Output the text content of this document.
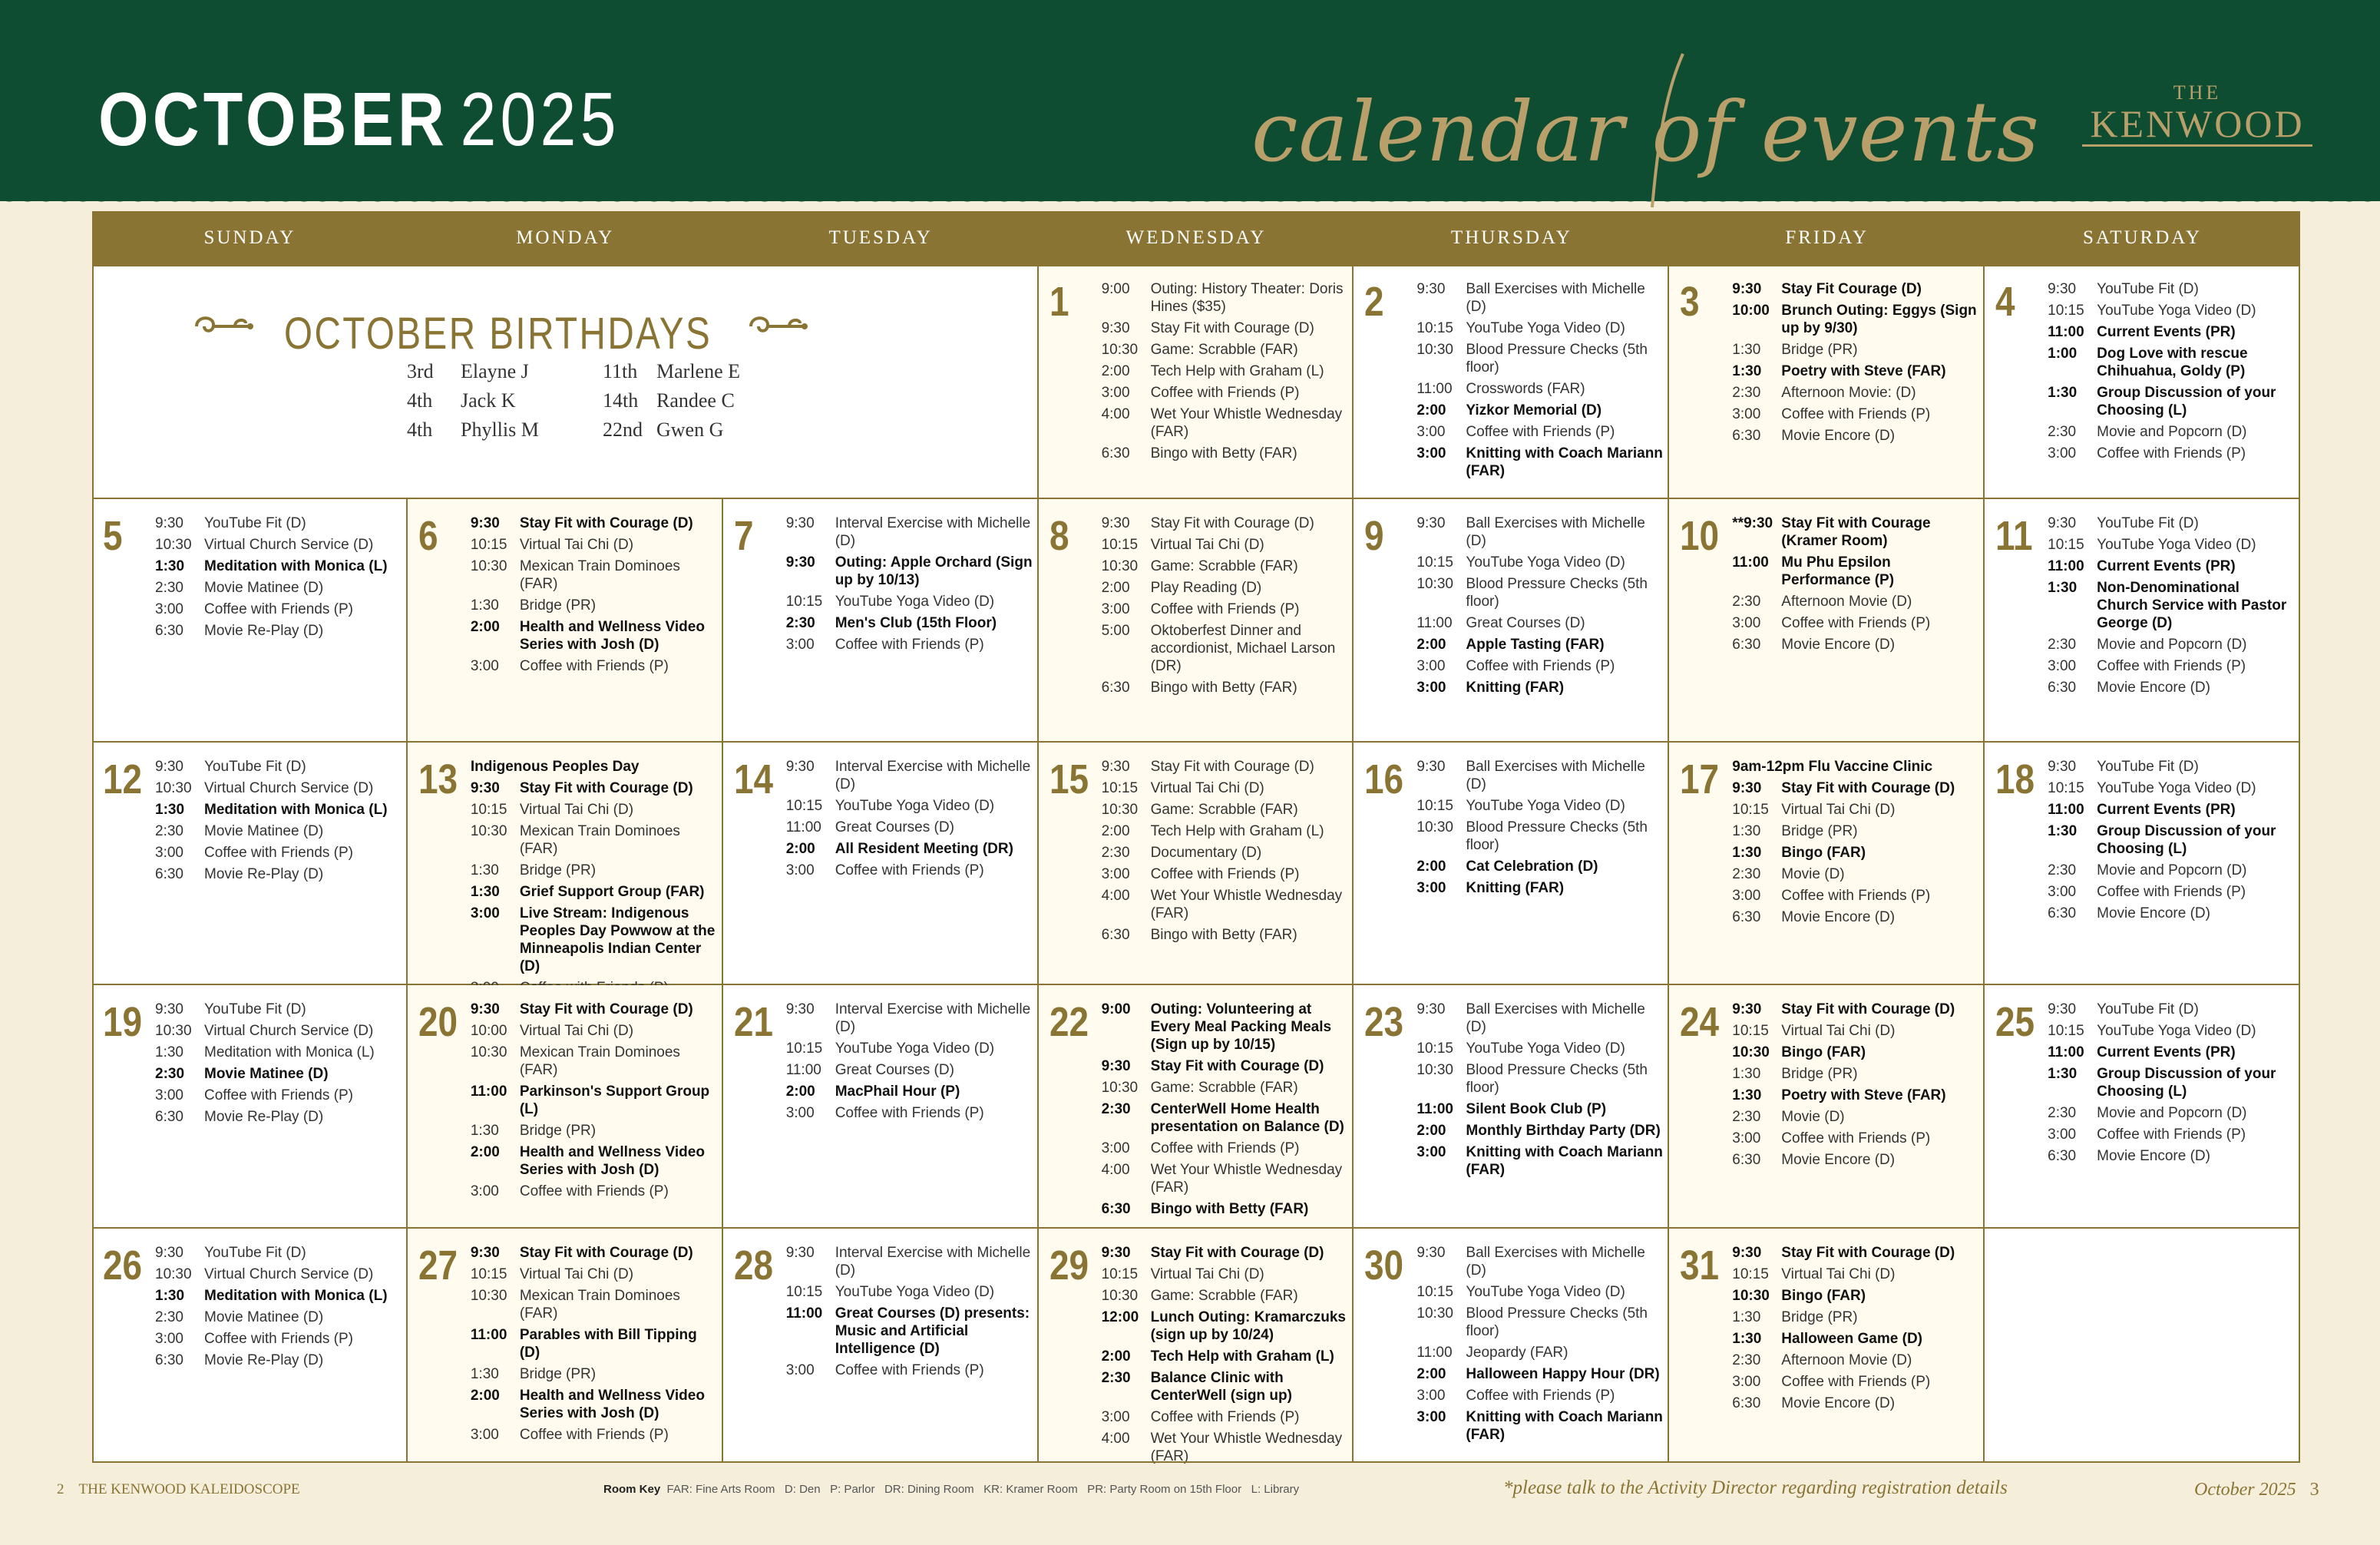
OCTOBER 2025	calendar of events	THE
KENWOOD
SUNDAY	MONDAY	TUESDAY	WEDNESDAY	THURSDAY	FRIDAY	SATURDAY
OCTOBER BIRTHDAYS
3rd Elayne J
4th Jack K
4th Phyllis M
11th Marlene E
14th Randee C
22nd Gwen G
1 9:00	Outing: History Theater: Doris Hines ($35)
9:30	Stay Fit with Courage (D)
10:30 Game: Scrabble (FAR)
2:00	Tech Help with Graham (L)
3:00	Coffee with Friends (P)
4:00	Wet Your Whistle Wednesday (FAR)
6:30	Bingo with Betty (FAR)
2 9:30	Ball Exercises with Michelle (D)
10:15 YouTube Yoga Video (D)
10:30 Blood Pressure Checks (5th floor)
11:00 Crosswords (FAR)
2:00	Yizkor Memorial (D)
3:00	Coffee with Friends (P)
3:00	Knitting with Coach Mariann (FAR)
3 9:30	Stay Fit Courage (D)
10:00 Brunch Outing: Eggys (Sign up by 9/30)
1:30	Bridge (PR)
1:30	Poetry with Steve (FAR)
2:30	Afternoon Movie: (D)
3:00	Coffee with Friends (P)
6:30	Movie Encore (D)
4 9:30	YouTube Fit (D)
10:15 YouTube Yoga Video (D)
11:00 Current Events (PR)
1:00	Dog Love with rescue Chihuahua, Goldy (P)
1:30	Group Discussion of your Choosing (L)
2:30	Movie and Popcorn (D)
3:00	Coffee with Friends (P)
5 9:30	YouTube Fit (D)
10:30 Virtual Church Service (D)
1:30	Meditation with Monica (L)
2:30	Movie Matinee (D)
3:00	Coffee with Friends (P)
6:30	Movie Re-Play (D)
6 9:30	Stay Fit with Courage (D)
10:15 Virtual Tai Chi (D)
10:30 Mexican Train Dominoes (FAR)
1:30	Bridge (PR)
2:00	Health and Wellness Video Series with Josh (D)
3:00	Coffee with Friends (P)
7 9:30	Interval Exercise with Michelle (D)
9:30	Outing: Apple Orchard (Sign up by 10/13)
10:15 YouTube Yoga Video (D)
2:30	Men's Club (15th Floor)
3:00	Coffee with Friends (P)
8 9:30	Stay Fit with Courage (D)
10:15 Virtual Tai Chi (D)
10:30 Game: Scrabble (FAR)
2:00	Play Reading (D)
3:00	Coffee with Friends (P)
5:00	Oktoberfest Dinner and accordionist, Michael Larson (DR)
6:30	Bingo with Betty (FAR)
9 9:30	Ball Exercises with Michelle (D)
10:15 YouTube Yoga Video (D)
10:30 Blood Pressure Checks (5th floor)
11:00 Great Courses (D)
2:00	Apple Tasting (FAR)
3:00	Coffee with Friends (P)
3:00	Knitting (FAR)
10 **9:30 Stay Fit with Courage (Kramer Room)
11:00 Mu Phu Epsilon Performance (P)
2:30	Afternoon Movie (D)
3:00	Coffee with Friends (P)
6:30	Movie Encore (D)
11 9:30	YouTube Fit (D)
10:15 YouTube Yoga Video (D)
11:00 Current Events (PR)
1:30	Non-Denominational Church Service with Pastor George (D)
2:30	Movie and Popcorn (D)
3:00	Coffee with Friends (P)
6:30	Movie Encore (D)
12 9:30	YouTube Fit (D)
10:30 Virtual Church Service (D)
1:30	Meditation with Monica (L)
2:30	Movie Matinee (D)
3:00	Coffee with Friends (P)
6:30	Movie Re-Play (D)
13 Indigenous Peoples Day
9:30	Stay Fit with Courage (D)
10:15 Virtual Tai Chi (D)
10:30 Mexican Train Dominoes (FAR)
1:30	Bridge (PR)
1:30	Grief Support Group (FAR)
3:00	Live Stream: Indigenous Peoples Day Powwow at the Minneapolis Indian Center (D)
14 9:30	Interval Exercise with Michelle (D)
10:15 YouTube Yoga Video (D)
11:00 Great Courses (D)
2:00	All Resident Meeting (DR)
3:00	Coffee with Friends (P)
15 9:30	Stay Fit with Courage (D)
10:15 Virtual Tai Chi (D)
10:30 Game: Scrabble (FAR)
2:00	Tech Help with Graham (L)
2:30	Documentary (D)
3:00	Coffee with Friends (P)
4:00	Wet Your Whistle Wednesday (FAR)
6:30	Bingo with Betty (FAR)
16 9:30	Ball Exercises with Michelle (D)
10:15 YouTube Yoga Video (D)
10:30 Blood Pressure Checks (5th floor)
2:00	Cat Celebration (D)
3:00	Knitting (FAR)
17 9am-12pm Flu Vaccine Clinic
9:30	Stay Fit with Courage (D)
10:15 Virtual Tai Chi (D)
1:30	Bridge (PR)
1:30	Bingo (FAR)
2:30	Movie (D)
3:00	Coffee with Friends (P)
6:30	Movie Encore (D)
18 9:30	YouTube Fit (D)
10:15 YouTube Yoga Video (D)
11:00 Current Events (PR)
1:30	Group Discussion of your Choosing (L)
2:30	Movie and Popcorn (D)
3:00	Coffee with Friends (P)
6:30	Movie Encore (D)
19 9:30	YouTube Fit (D)
10:30 Virtual Church Service (D)
1:30	Meditation with Monica (L)
2:30	Movie Matinee (D)
3:00	Coffee with Friends (P)
6:30	Movie Re-Play (D)
20 9:30	Stay Fit with Courage (D)
10:00 Virtual Tai Chi (D)
10:30 Mexican Train Dominoes (FAR)
11:00 Parkinson's Support Group (L)
1:30	Bridge (PR)
2:00	Health and Wellness Video Series with Josh (D)
3:00	Coffee with Friends (P)
21 9:30	Interval Exercise with Michelle (D)
10:15 YouTube Yoga Video (D)
11:00 Great Courses (D)
2:00	MacPhail Hour (P)
3:00	Coffee with Friends (P)
22 9:00	Outing: Volunteering at Every Meal Packing Meals (Sign up by 10/15)
9:30	Stay Fit with Courage (D)
10:30 Game: Scrabble (FAR)
2:30	CenterWell Home Health presentation on Balance (D)
3:00	Coffee with Friends (P)
4:00	Wet Your Whistle Wednesday (FAR)
6:30	Bingo with Betty (FAR)
23 9:30	Ball Exercises with Michelle (D)
10:15 YouTube Yoga Video (D)
10:30 Blood Pressure Checks (5th floor)
11:00 Silent Book Club (P)
2:00	Monthly Birthday Party (DR)
3:00	Knitting with Coach Mariann (FAR)
24 9:30	Stay Fit with Courage (D)
10:15 Virtual Tai Chi (D)
10:30 Bingo (FAR)
1:30	Bridge (PR)
1:30	Poetry with Steve (FAR)
2:30	Movie (D)
3:00	Coffee with Friends (P)
6:30	Movie Encore (D)
25 9:30	YouTube Fit (D)
10:15 YouTube Yoga Video (D)
11:00 Current Events (PR)
1:30	Group Discussion of your Choosing (L)
2:30	Movie and Popcorn (D)
3:00	Coffee with Friends (P)
6:30	Movie Encore (D)
26 9:30	YouTube Fit (D)
10:30 Virtual Church Service (D)
1:30	Meditation with Monica (L)
2:30	Movie Matinee (D)
3:00	Coffee with Friends (P)
6:30	Movie Re-Play (D)
27 9:30	Stay Fit with Courage (D)
10:15 Virtual Tai Chi (D)
10:30 Mexican Train Dominoes (FAR)
11:00 Parables with Bill Tipping (D)
1:30	Bridge (PR)
2:00	Health and Wellness Video Series with Josh (D)
3:00	Coffee with Friends (P)
28 9:30	Interval Exercise with Michelle (D)
10:15 YouTube Yoga Video (D)
11:00 Great Courses (D) presents: Music and Artificial Intelligence (D)
3:00	Coffee with Friends (P)
29 9:30	Stay Fit with Courage (D)
10:15 Virtual Tai Chi (D)
10:30 Game: Scrabble (FAR)
12:00 Lunch Outing: Kramarczuks (sign up by 10/24)
2:00	Tech Help with Graham (L)
2:30	Balance Clinic with CenterWell (sign up)
3:00	Coffee with Friends (P)
4:00	Wet Your Whistle Wednesday (FAR)
30 9:30	Ball Exercises with Michelle (D)
10:15 YouTube Yoga Video (D)
10:30 Blood Pressure Checks (5th floor)
11:00 Jeopardy (FAR)
2:00	Halloween Happy Hour (DR)
3:00	Coffee with Friends (P)
3:00	Knitting with Coach Mariann (FAR)
31 9:30	Stay Fit with Courage (D)
10:15 Virtual Tai Chi (D)
10:30 Bingo (FAR)
1:30	Bridge (PR)
1:30	Halloween Game (D)
2:30	Afternoon Movie (D)
3:00	Coffee with Friends (P)
6:30	Movie Encore (D)
2 THE KENWOOD KALEIDOSCOPE	Room Key FAR: Fine Arts Room   D: Den   P: Parlor   DR: Dining Room   KR: Kramer Room   PR: Party Room on 15th Floor   L: Library	*please talk to the Activity Director regarding registration details	October 2025 3
